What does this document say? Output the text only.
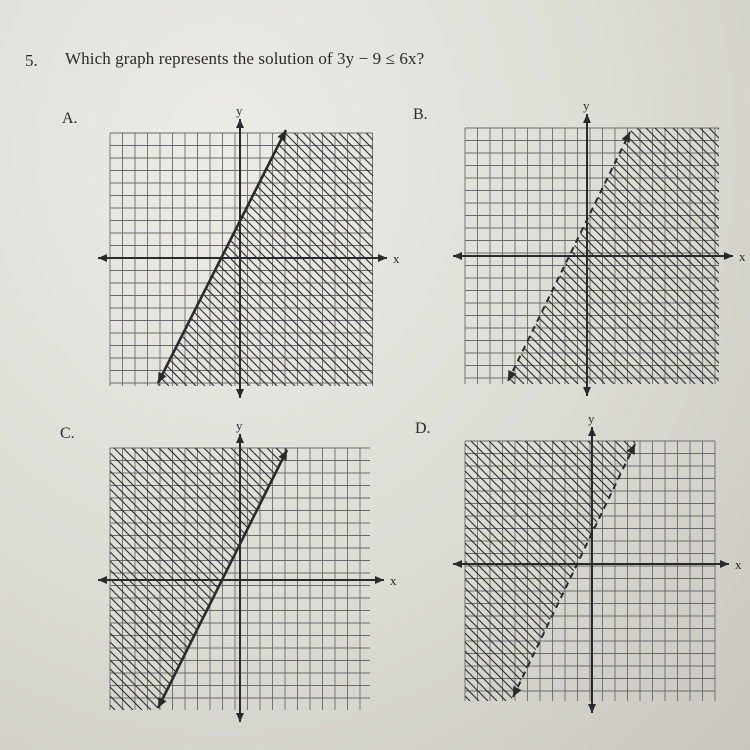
5. Which graph represents the solution of 3y − 9 ≤ 6x?
A.	B.
C.	D.
x
y
x
y
x
y
x
y
